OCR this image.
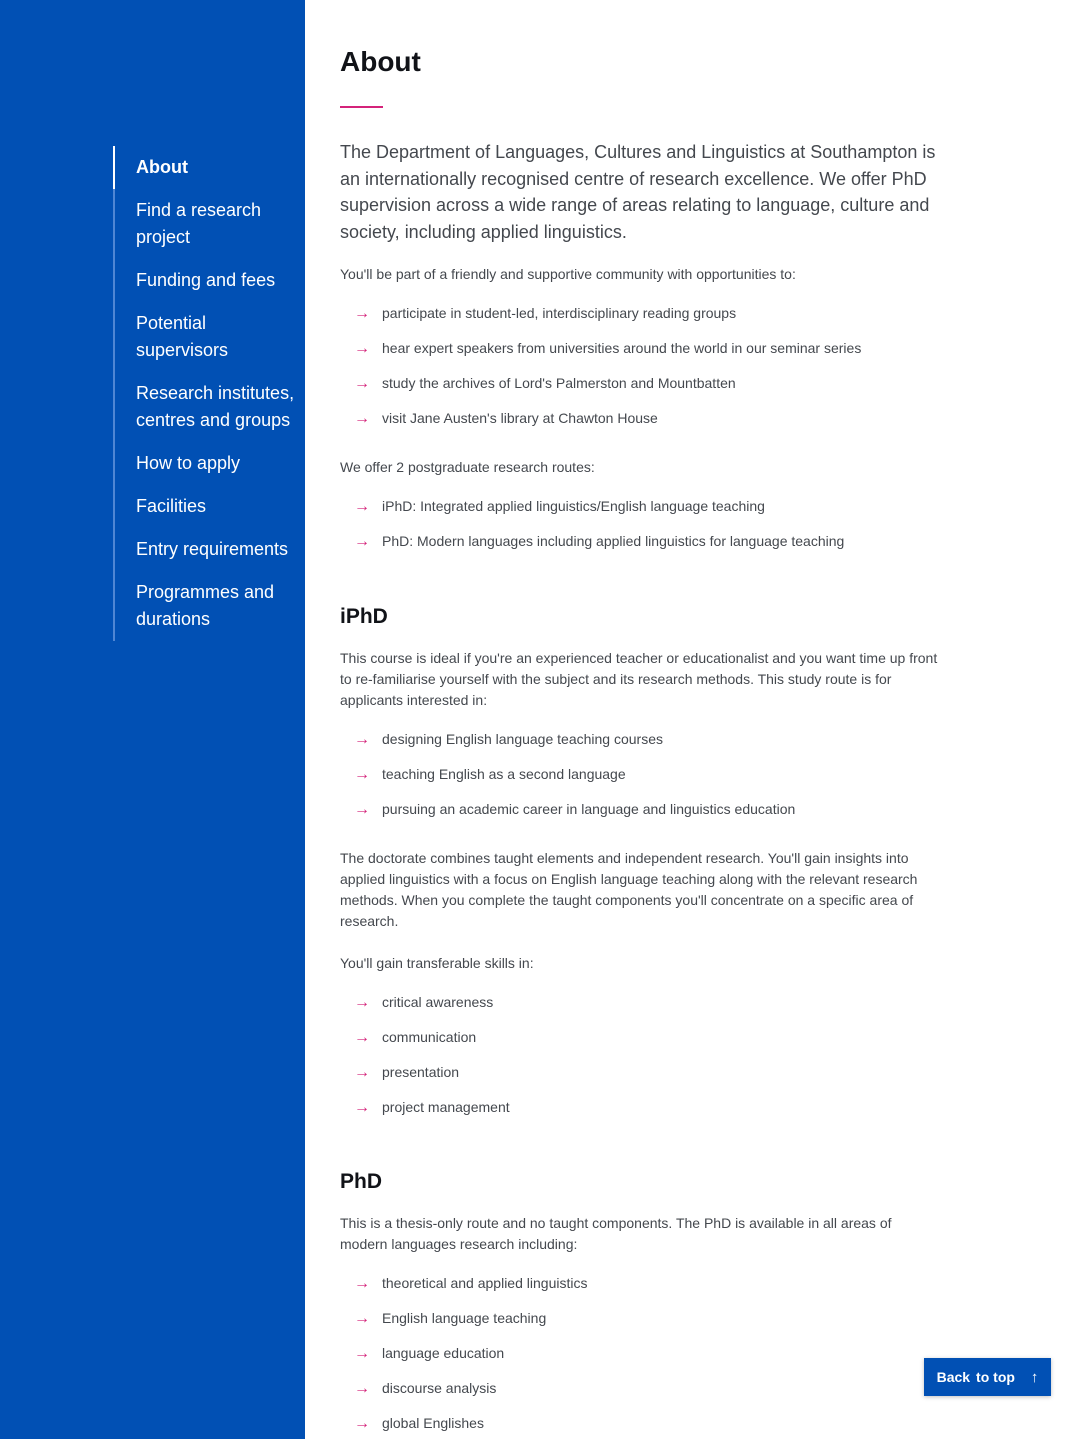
About
Find a research project
Funding and fees
Potential supervisors
Research institutes, centres and groups
How to apply
Facilities
Entry requirements
Programmes and durations
About

The Department of Languages, Cultures and Linguistics at Southampton is an internationally recognised centre of research excellence. We offer PhD supervision across a wide range of areas relating to language, culture and society, including applied linguistics.

You'll be part of a friendly and supportive community with opportunities to:

→ participate in student-led, interdisciplinary reading groups
→ hear expert speakers from universities around the world in our seminar series
→ study the archives of Lord's Palmerston and Mountbatten
→ visit Jane Austen's library at Chawton House

We offer 2 postgraduate research routes:

→ iPhD: Integrated applied linguistics/English language teaching
→ PhD: Modern languages including applied linguistics for language teaching
iPhD

This course is ideal if you're an experienced teacher or educationalist and you want time up front to re-familiarise yourself with the subject and its research methods. This study route is for applicants interested in:

→ designing English language teaching courses
→ teaching English as a second language
→ pursuing an academic career in language and linguistics education

The doctorate combines taught elements and independent research. You'll gain insights into applied linguistics with a focus on English language teaching along with the relevant research methods. When you complete the taught components you'll concentrate on a specific area of research.

You'll gain transferable skills in:

→ critical awareness
→ communication
→ presentation
→ project management
PhD

This is a thesis-only route and no taught components. The PhD is available in all areas of modern languages research including:

→ theoretical and applied linguistics
→ English language teaching
→ language education
→ discourse analysis
→ global Englishes
Back to top ↑
